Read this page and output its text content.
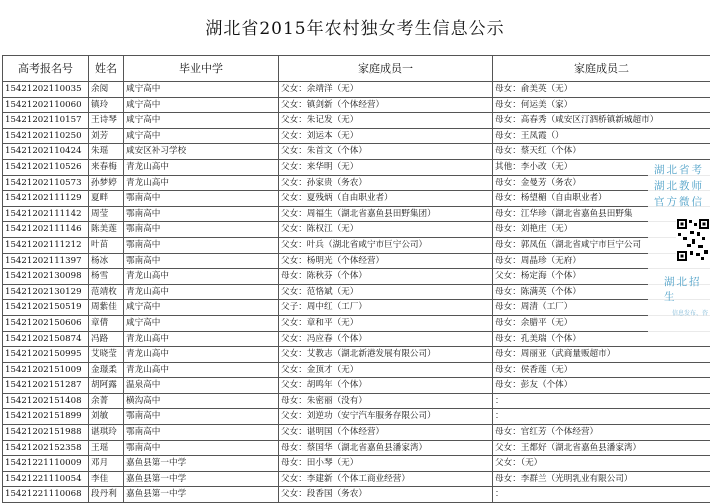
湖北省2015年农村独女考生信息公示
高考报名号	姓名	毕业中学	家庭成员一	家庭成员二
15421202110035	余阅	咸宁高中	父女：余靖洋（无）	母女：俞美英（无）
15421202110060	镇玲	咸宁高中	父女：镇剑新（个体经营）	母女：何运美（家）
15421202110157	王诗琴	咸宁高中	父女：朱记发（无）	母女：高春秀（咸安区汀泗桥镇新城超市）
15421202110250	刘芳	咸宁高中	父女：刘运本（无）	母女：王凤霞（）
15421202110424	朱瑶	咸安区补习学校	父女：朱首文（个体）	母女：蔡天红（个体）
15421202110526	来春梅	青龙山高中	父女：来华明（无）	其他：李小改（无）
15421202110573	孙梦婷	青龙山高中	父女：孙家贵（务农）	母女：金曼芳（务农）
15421202111129	夏畔	鄂南高中	父女：夏残炳（自由职业者）	母女：杨望楣（自由职业者）
15421202111142	周莹	鄂南高中	父女：周福生（湖北省嘉鱼县田野集团）	母女：江华珍（湖北省嘉鱼县田野集
15421202111146	陈美莲	鄂南高中	父女：陈权江（无）	母女：刘艳庄（无）
15421202111212	叶苗	鄂南高中	父女：叶兵（湖北省咸宁市巨宁公司）	母女：郭凤伍（湖北省咸宁市巨宁公司
15421202111397	杨冰	鄂南高中	父女：杨明光（个体经营）	母女：周晶珍（无府）
15421202130098	杨雪	青龙山高中	母女：陈秋芬（个体）	父女：杨定海（个体）
15421202130129	范靖枚	青龙山高中	父女：范恪斌（无）	母女：陈满英（个体）
15421202150519	周紫佳	咸宁高中	父子：周中红（工厂）	母女：周清（工厂）
15421202150606	章倩	咸宁高中	父女：章和平（无）	母女：余腊平（无）
15421202150874	冯路	青龙山高中	父女：冯应春（个体）	母女：孔美瑞（个体）
15421202150995	艾晓莹	青龙山高中	父女：艾教志（湖北新港发展有限公司）	母女：周丽亚（武商量贩超市）
15421202151009	金璟柔	青龙山高中	父女：金顶才（无）	母女：侯香莲（无）
15421202151287	胡阿露	温泉高中	父女：胡鸣年（个体）	母女：彭友（个体）
15421202151408	余菁	横沟高中	母女：朱密丽（没有）	：
15421202151899	刘敏	鄂南高中	父女：刘逆功（安宁汽车服务存限公司）	：
15421202151988	谌琪玲	鄂南高中	父女：谌明国（个体经营）	母女：官红芳（个体经营）
15421202152358	王瑶	鄂南高中	母女：蔡国华（湖北省嘉鱼县潘家湾）	父女：王都好（湖北省嘉鱼县潘家湾）
15421221110009	邓月	嘉鱼县第一中学	母女：田小琴（无）	父女：（无）
15421221110054	李佳	嘉鱼县第一中学	父女：李建新（个体工商业经营）	母女：李群兰（光明乳业有限公司）
15421221110068	段丹利	嘉鱼县第一中学	父女：段香国（务农）	：
湖北省考
湖北教师
官方微信
湖北招生
信息发布、咨
